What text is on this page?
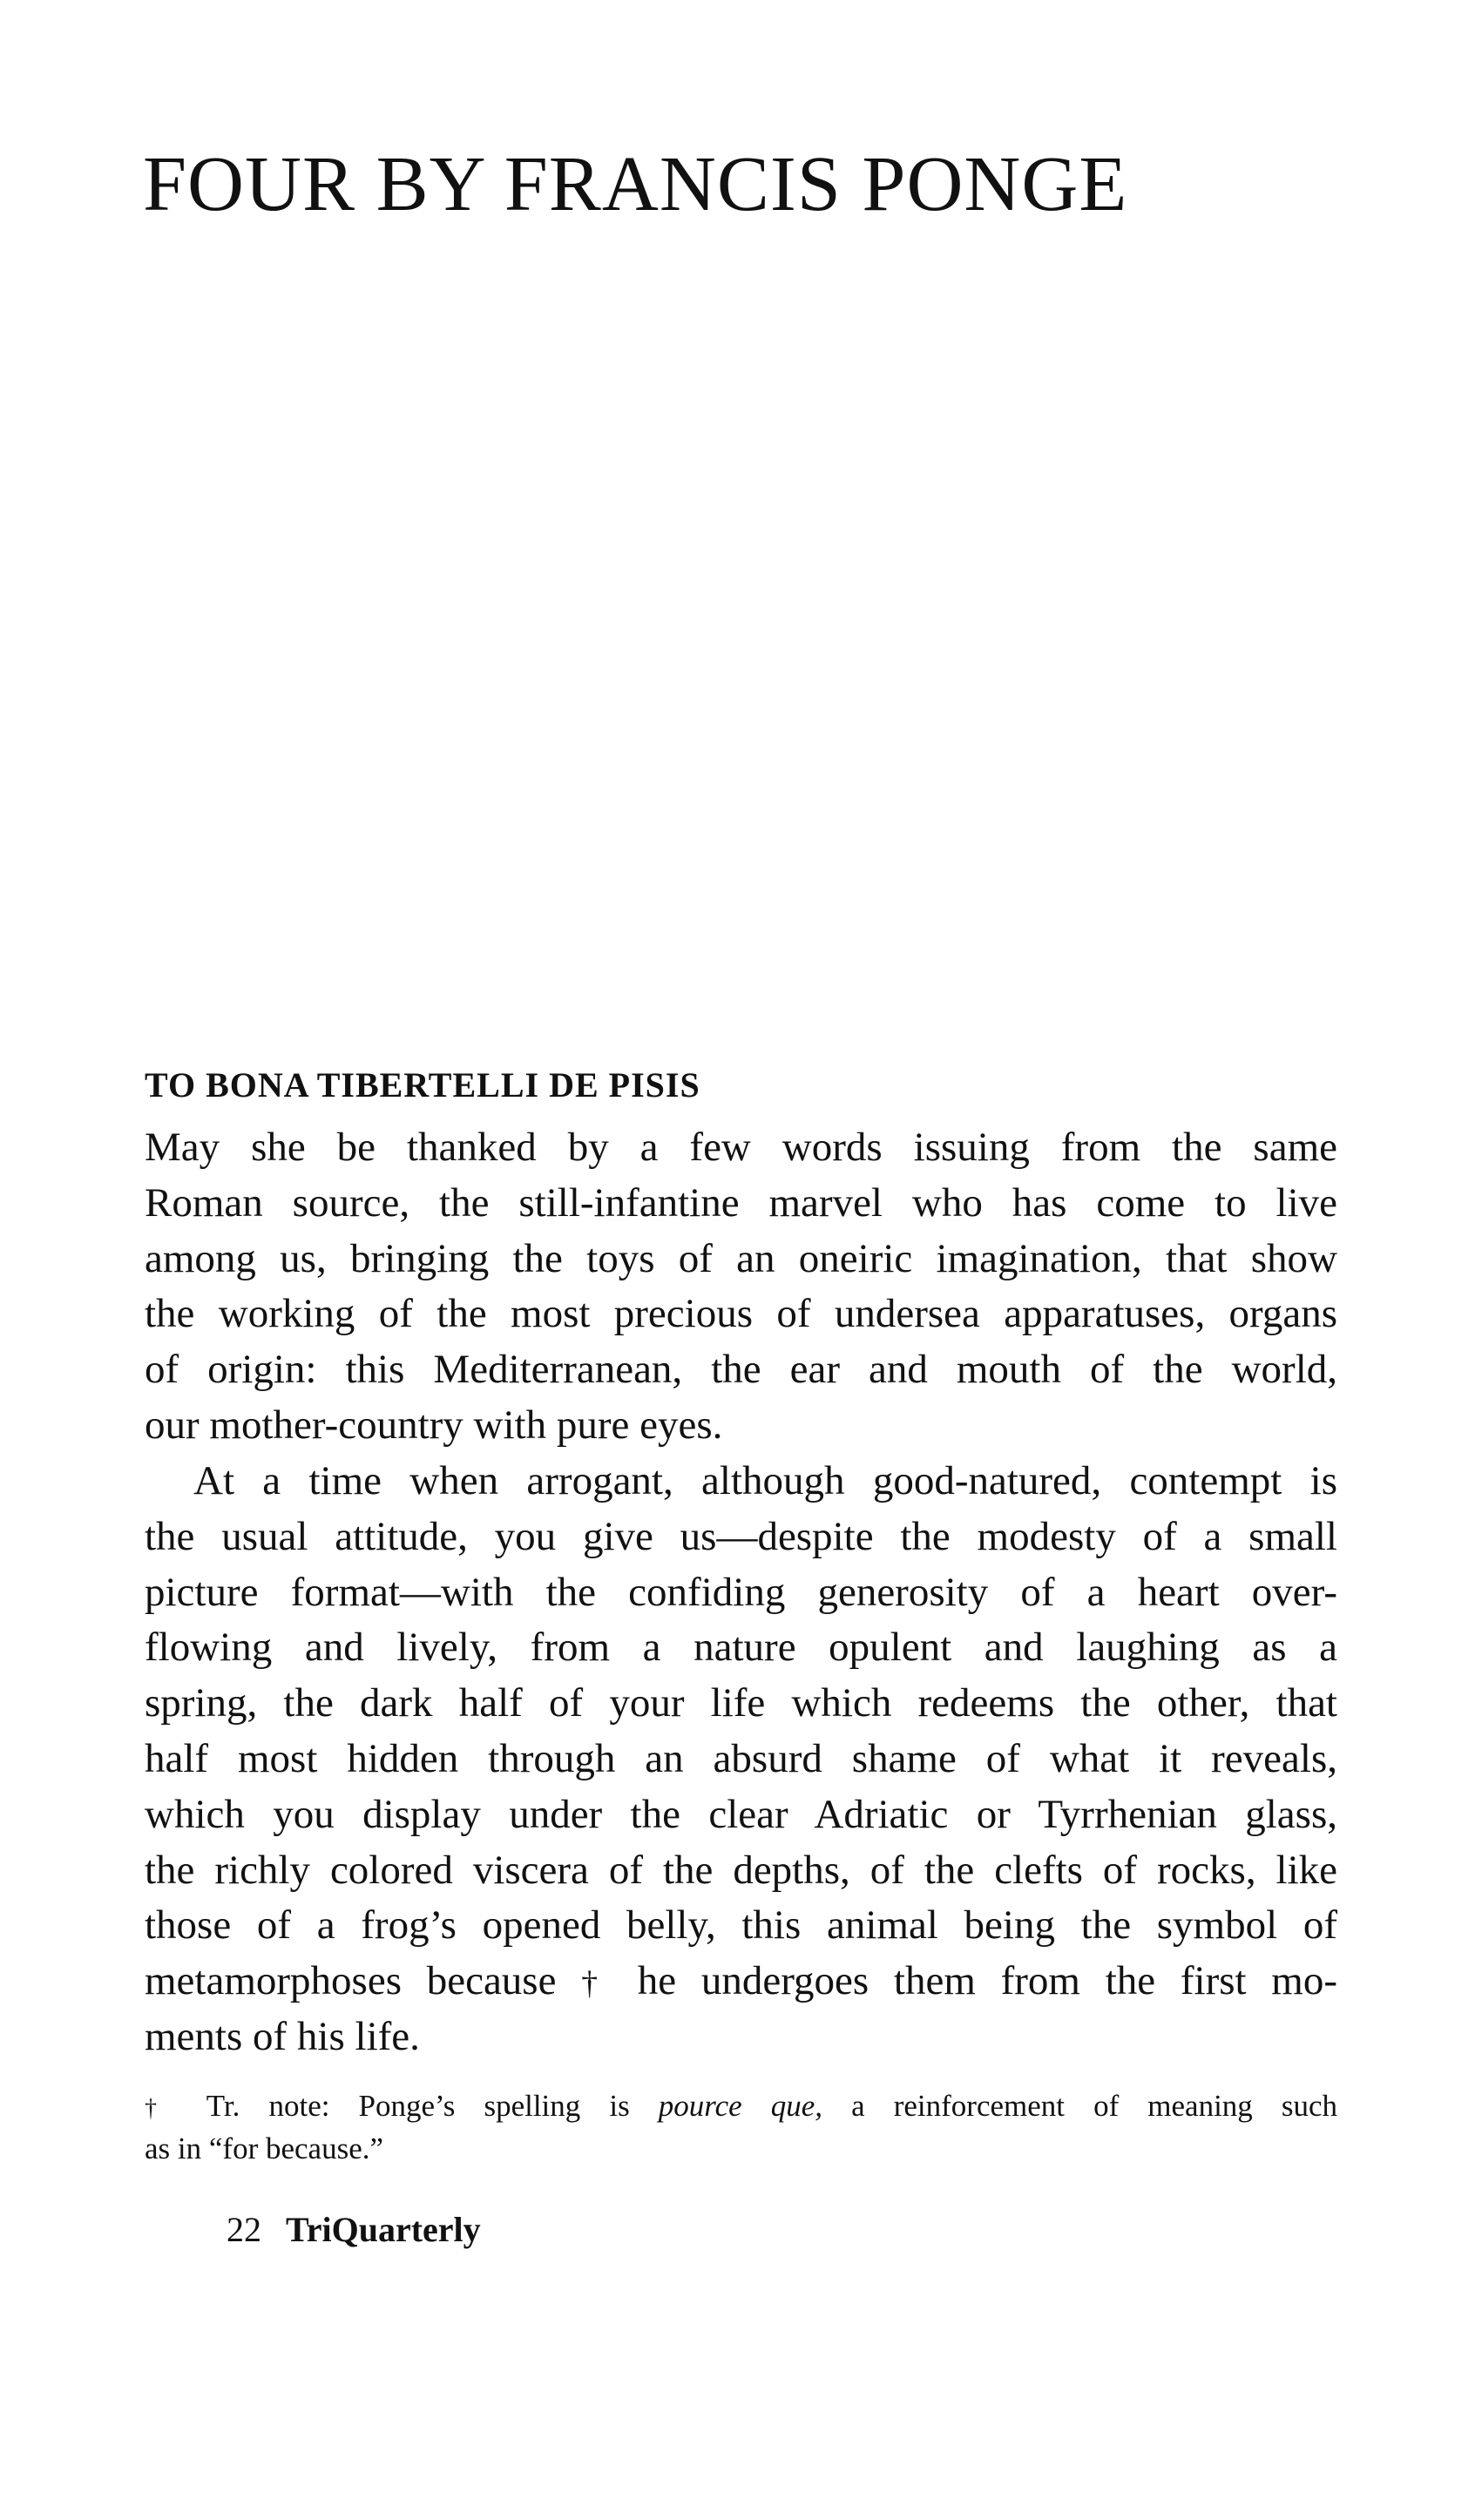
FOUR BY FRANCIS PONGE
TO BONA TIBERTELLI DE PISIS
May she be thanked by a few words issuing from the same
Roman source, the still-infantine marvel who has come to live
among us, bringing the toys of an oneiric imagination, that show
the working of the most precious of undersea apparatuses, organs
of origin: this Mediterranean, the ear and mouth of the world,
our mother-country with pure eyes.
At a time when arrogant, although good-natured, contempt is
the usual attitude, you give us—despite the modesty of a small
picture format—with the confiding generosity of a heart over-
flowing and lively, from a nature opulent and laughing as a
spring, the dark half of your life which redeems the other, that
half most hidden through an absurd shame of what it reveals,
which you display under the clear Adriatic or Tyrrhenian glass,
the richly colored viscera of the depths, of the clefts of rocks, like
those of a frog’s opened belly, this animal being the symbol of
metamorphoses because † he undergoes them from the first mo-
ments of his life.
† Tr. note: Ponge’s spelling is pource que, a reinforcement of meaning such
as in “for because.”
22 TriQuarterly
